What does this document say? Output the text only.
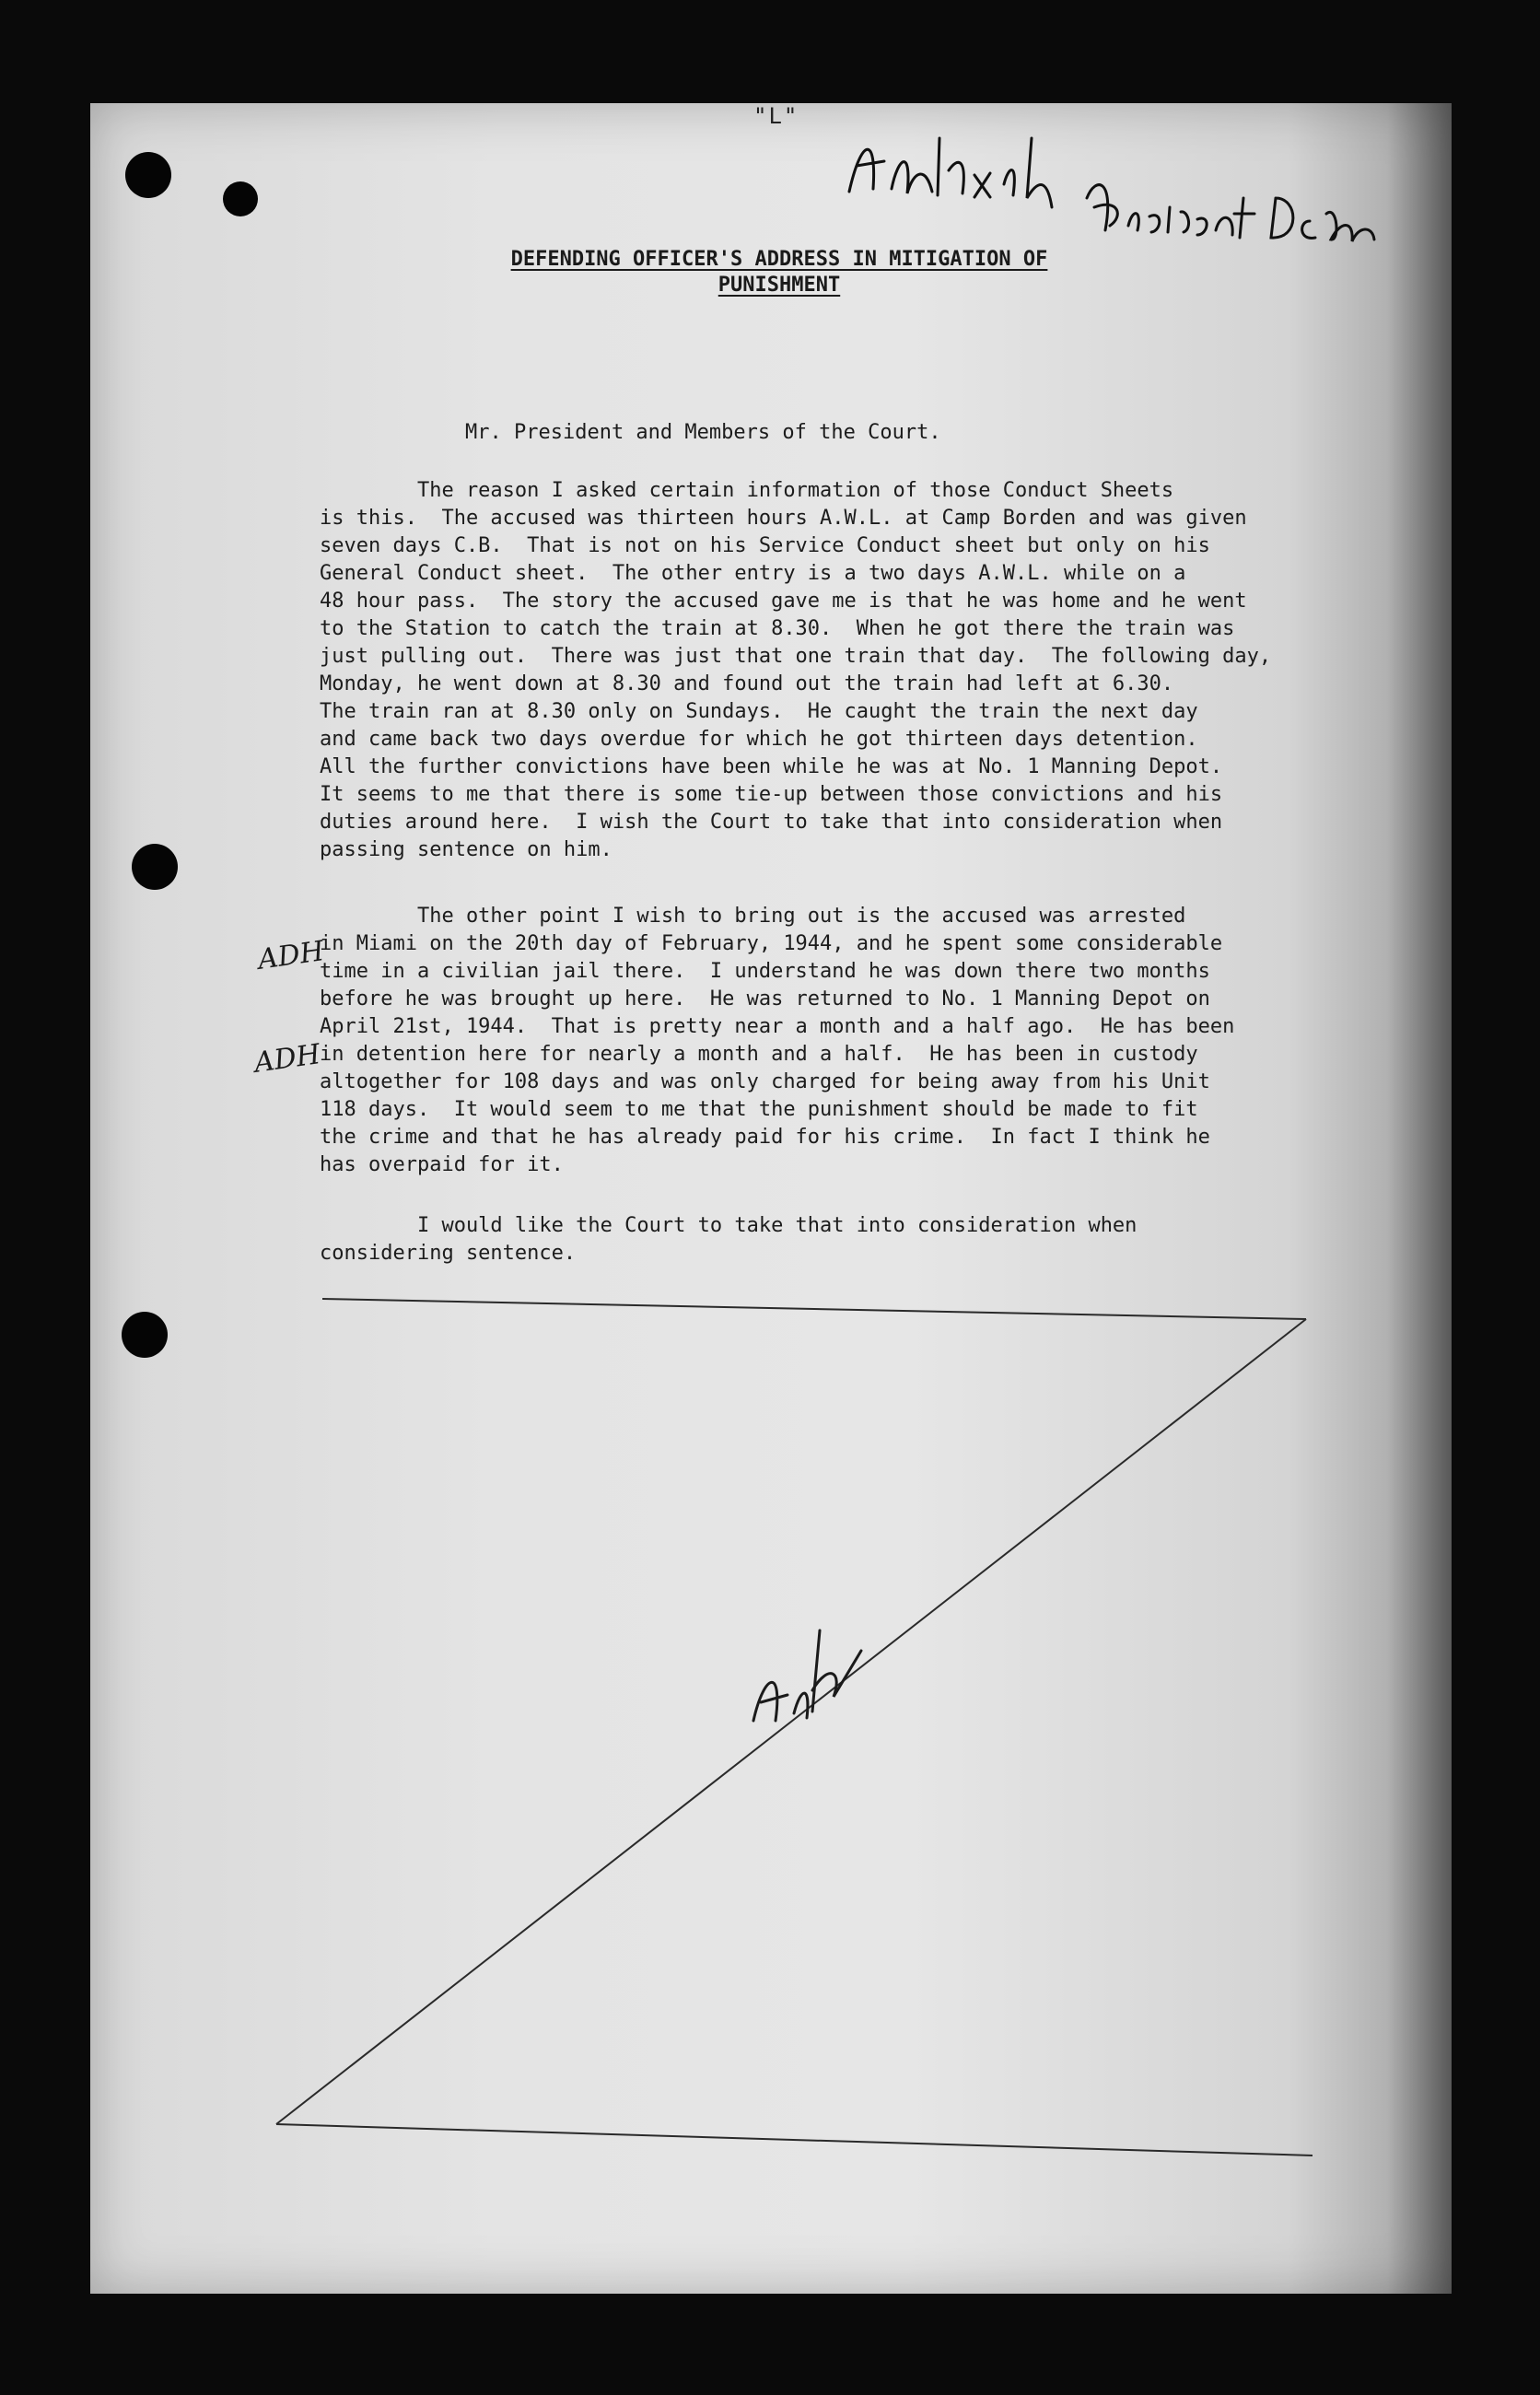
"L"
DEFENDING OFFICER'S ADDRESS IN MITIGATION OF
PUNISHMENT
Mr. President and Members of the Court.
The reason I asked certain information of those Conduct Sheets
is this.  The accused was thirteen hours A.W.L. at Camp Borden and was given
seven days C.B.  That is not on his Service Conduct sheet but only on his
General Conduct sheet.  The other entry is a two days A.W.L. while on a
48 hour pass.  The story the accused gave me is that he was home and he went
to the Station to catch the train at 8.30.  When he got there the train was
just pulling out.  There was just that one train that day.  The following day,
Monday, he went down at 8.30 and found out the train had left at 6.30.
The train ran at 8.30 only on Sundays.  He caught the train the next day
and came back two days overdue for which he got thirteen days detention.
All the further convictions have been while he was at No. 1 Manning Depot.
It seems to me that there is some tie-up between those convictions and his
duties around here.  I wish the Court to take that into consideration when
passing sentence on him.
The other point I wish to bring out is the accused was arrested
in Miami on the 20th day of February, 1944, and he spent some considerable
time in a civilian jail there.  I understand he was down there two months
before he was brought up here.  He was returned to No. 1 Manning Depot on
April 21st, 1944.  That is pretty near a month and a half ago.  He has been
in detention here for nearly a month and a half.  He has been in custody
altogether for 108 days and was only charged for being away from his Unit
118 days.  It would seem to me that the punishment should be made to fit
the crime and that he has already paid for his crime.  In fact I think he
has overpaid for it.
I would like the Court to take that into consideration when
considering sentence.
ADH
ADH
